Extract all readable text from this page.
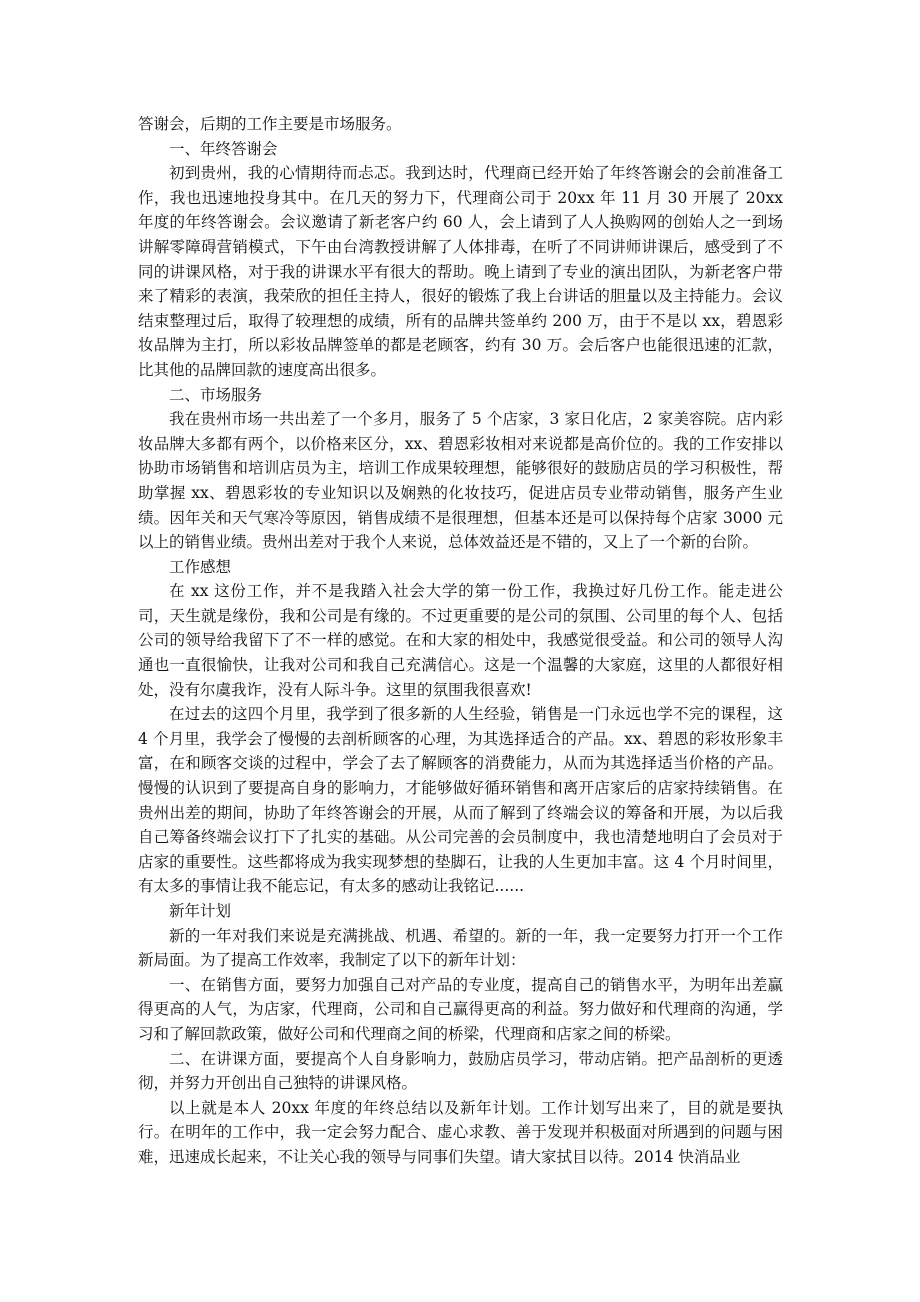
答谢会，后期的工作主要是市场服务。

一、年终答谢会

初到贵州，我的心情期待而忐忑。我到达时，代理商已经开始了年终答谢会的会前准备工作，我也迅速地投身其中。在几天的努力下，代理商公司于 20xx 年 11 月 30 开展了 20xx 年度的年终答谢会。会议邀请了新老客户约 60 人，会上请到了人人换购网的创始人之一到场讲解零障碍营销模式，下午由台湾教授讲解了人体排毒，在听了不同讲师讲课后，感受到了不同的讲课风格，对于我的讲课水平有很大的帮助。晚上请到了专业的演出团队，为新老客户带来了精彩的表演，我荣欣的担任主持人，很好的锻炼了我上台讲话的胆量以及主持能力。会议结束整理过后，取得了较理想的成绩，所有的品牌共签单约 200 万，由于不是以 xx，碧恩彩妆品牌为主打，所以彩妆品牌签单的都是老顾客，约有 30 万。会后客户也能很迅速的汇款，比其他的品牌回款的速度高出很多。

二、市场服务

我在贵州市场一共出差了一个多月，服务了 5 个店家，3 家日化店，2 家美容院。店内彩妆品牌大多都有两个，以价格来区分，xx、碧恩彩妆相对来说都是高价位的。我的工作安排以协助市场销售和培训店员为主，培训工作成果较理想，能够很好的鼓励店员的学习积极性，帮助掌握 xx、碧恩彩妆的专业知识以及娴熟的化妆技巧，促进店员专业带动销售，服务产生业绩。因年关和天气寒冷等原因，销售成绩不是很理想，但基本还是可以保持每个店家 3000 元以上的销售业绩。贵州出差对于我个人来说，总体效益还是不错的，又上了一个新的台阶。

工作感想

在 xx 这份工作，并不是我踏入社会大学的第一份工作，我换过好几份工作。能走进公司，天生就是缘份，我和公司是有缘的。不过更重要的是公司的氛围、公司里的每个人、包括公司的领导给我留下了不一样的感觉。在和大家的相处中，我感觉很受益。和公司的领导人沟通也一直很愉快，让我对公司和我自己充满信心。这是一个温馨的大家庭，这里的人都很好相处，没有尔虞我诈，没有人际斗争。这里的氛围我很喜欢!

在过去的这四个月里，我学到了很多新的人生经验，销售是一门永远也学不完的课程，这 4 个月里，我学会了慢慢的去剖析顾客的心理，为其选择适合的产品。xx、碧恩的彩妆形象丰富，在和顾客交谈的过程中，学会了去了解顾客的消费能力，从而为其选择适当价格的产品。慢慢的认识到了要提高自身的影响力，才能够做好循环销售和离开店家后的店家持续销售。在贵州出差的期间，协助了年终答谢会的开展，从而了解到了终端会议的筹备和开展，为以后我自己筹备终端会议打下了扎实的基础。从公司完善的会员制度中，我也清楚地明白了会员对于店家的重要性。这些都将成为我实现梦想的垫脚石，让我的人生更加丰富。这 4 个月时间里，有太多的事情让我不能忘记，有太多的感动让我铭记......

新年计划

新的一年对我们来说是充满挑战、机遇、希望的。新的一年，我一定要努力打开一个工作新局面。为了提高工作效率，我制定了以下的新年计划：

一、在销售方面，要努力加强自己对产品的专业度，提高自己的销售水平，为明年出差赢得更高的人气，为店家，代理商，公司和自己赢得更高的利益。努力做好和代理商的沟通，学习和了解回款政策，做好公司和代理商之间的桥梁，代理商和店家之间的桥梁。

二、在讲课方面，要提高个人自身影响力，鼓励店员学习，带动店销。把产品剖析的更透彻，并努力开创出自己独特的讲课风格。

以上就是本人 20xx 年度的年终总结以及新年计划。工作计划写出来了，目的就是要执行。在明年的工作中，我一定会努力配合、虚心求教、善于发现并积极面对所遇到的问题与困难，迅速成长起来，不让关心我的领导与同事们失望。请大家拭目以待。2014 快消品业
